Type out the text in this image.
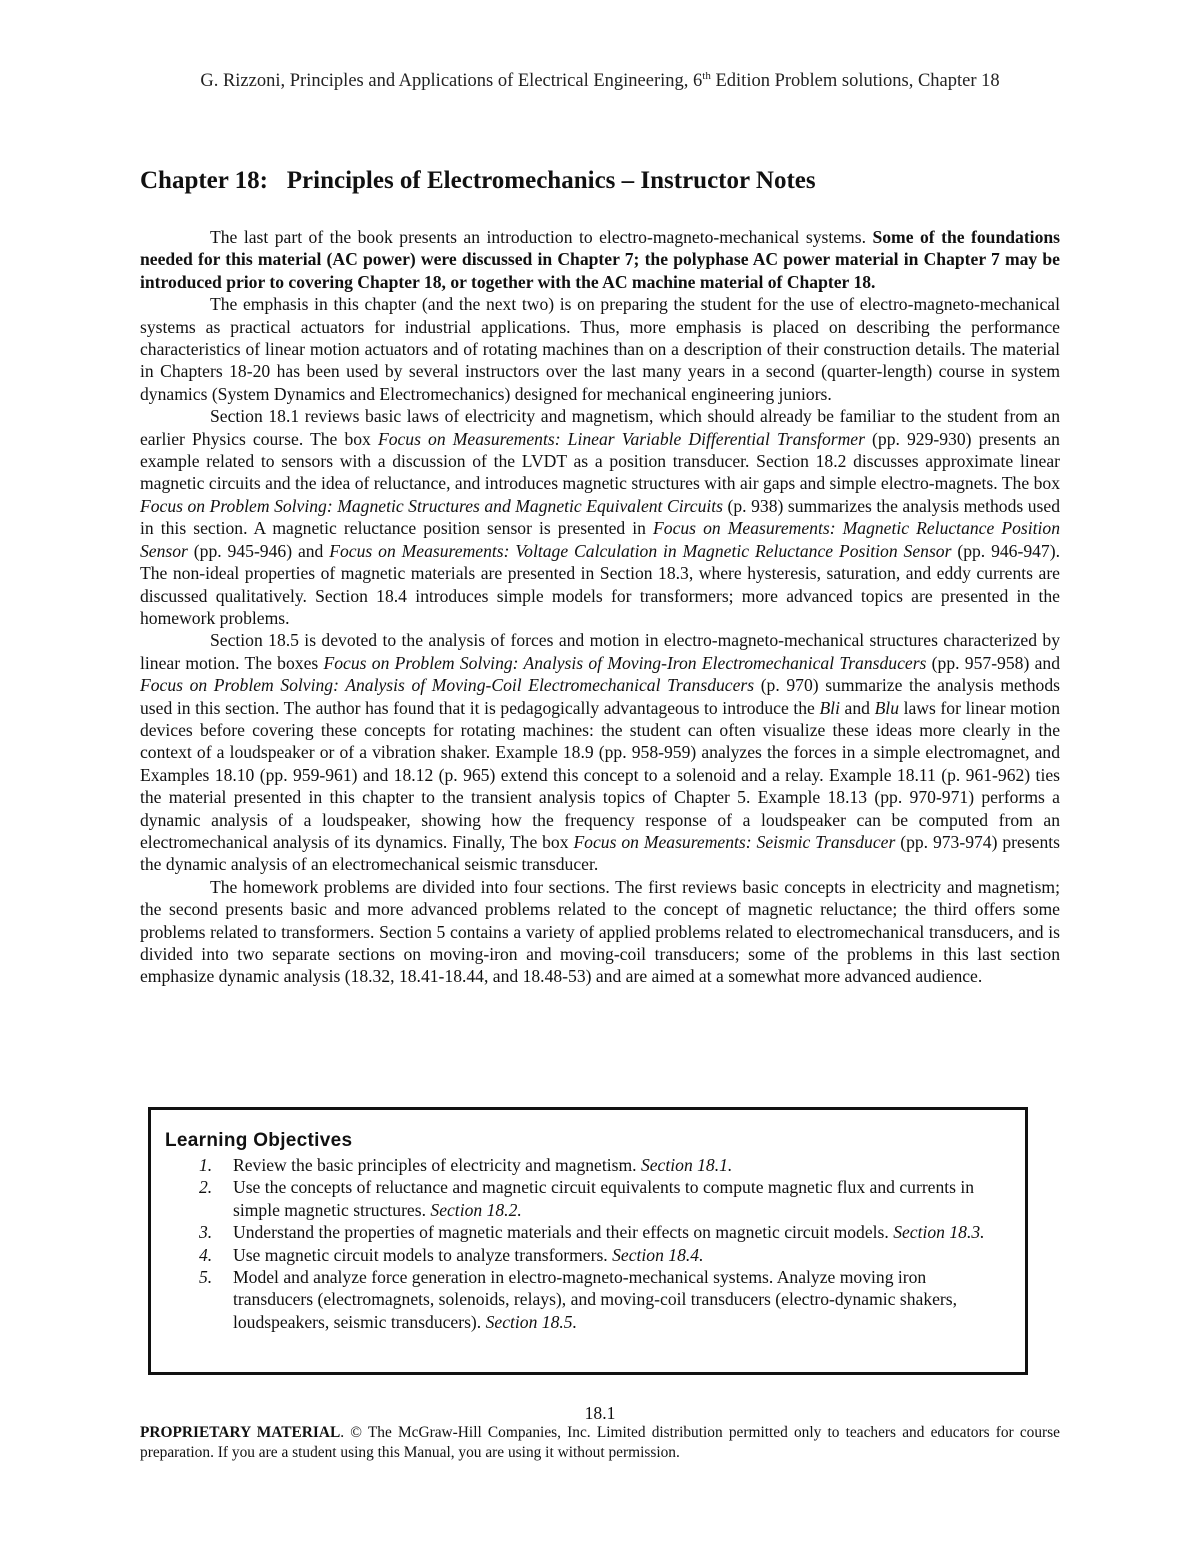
G. Rizzoni, Principles and Applications of Electrical Engineering, 6th Edition Problem solutions, Chapter 18
Chapter 18:   Principles of Electromechanics – Instructor Notes

The last part of the book presents an introduction to electro-magneto-mechanical systems. Some of the foundations needed for this material (AC power) were discussed in Chapter 7; the polyphase AC power material in Chapter 7 may be introduced prior to covering Chapter 18, or together with the AC machine material of Chapter 18.

The emphasis in this chapter (and the next two) is on preparing the student for the use of electro-magneto-mechanical systems as practical actuators for industrial applications. Thus, more emphasis is placed on describing the performance characteristics of linear motion actuators and of rotating machines than on a description of their construction details. The material in Chapters 18-20 has been used by several instructors over the last many years in a second (quarter-length) course in system dynamics (System Dynamics and Electromechanics) designed for mechanical engineering juniors.

Section 18.1 reviews basic laws of electricity and magnetism, which should already be familiar to the student from an earlier Physics course. The box Focus on Measurements: Linear Variable Differential Transformer (pp. 929-930) presents an example related to sensors with a discussion of the LVDT as a position transducer. Section 18.2 discusses approximate linear magnetic circuits and the idea of reluctance, and introduces magnetic structures with air gaps and simple electro-magnets. The box Focus on Problem Solving: Magnetic Structures and Magnetic Equivalent Circuits (p. 938) summarizes the analysis methods used in this section. A magnetic reluctance position sensor is presented in Focus on Measurements: Magnetic Reluctance Position Sensor (pp. 945-946) and Focus on Measurements: Voltage Calculation in Magnetic Reluctance Position Sensor (pp. 946-947). The non-ideal properties of magnetic materials are presented in Section 18.3, where hysteresis, saturation, and eddy currents are discussed qualitatively. Section 18.4 introduces simple models for transformers; more advanced topics are presented in the homework problems.

Section 18.5 is devoted to the analysis of forces and motion in electro-magneto-mechanical structures characterized by linear motion. The boxes Focus on Problem Solving: Analysis of Moving-Iron Electromechanical Transducers (pp. 957-958) and Focus on Problem Solving: Analysis of Moving-Coil Electromechanical Transducers (p. 970) summarize the analysis methods used in this section. The author has found that it is pedagogically advantageous to introduce the Bli and Blu laws for linear motion devices before covering these concepts for rotating machines: the student can often visualize these ideas more clearly in the context of a loudspeaker or of a vibration shaker. Example 18.9 (pp. 958-959) analyzes the forces in a simple electromagnet, and Examples 18.10 (pp. 959-961) and 18.12 (p. 965) extend this concept to a solenoid and a relay. Example 18.11 (p. 961-962) ties the material presented in this chapter to the transient analysis topics of Chapter 5. Example 18.13 (pp. 970-971) performs a dynamic analysis of a loudspeaker, showing how the frequency response of a loudspeaker can be computed from an electromechanical analysis of its dynamics. Finally, The box Focus on Measurements: Seismic Transducer (pp. 973-974) presents the dynamic analysis of an electromechanical seismic transducer.

The homework problems are divided into four sections. The first reviews basic concepts in electricity and magnetism; the second presents basic and more advanced problems related to the concept of magnetic reluctance; the third offers some problems related to transformers. Section 5 contains a variety of applied problems related to electromechanical transducers, and is divided into two separate sections on moving-iron and moving-coil transducers; some of the problems in this last section emphasize dynamic analysis (18.32, 18.41-18.44, and 18.48-53) and are aimed at a somewhat more advanced audience.

Learning Objectives
1. Review the basic principles of electricity and magnetism. Section 18.1.
2. Use the concepts of reluctance and magnetic circuit equivalents to compute magnetic flux and currents in simple magnetic structures. Section 18.2.
3. Understand the properties of magnetic materials and their effects on magnetic circuit models. Section 18.3.
4. Use magnetic circuit models to analyze transformers. Section 18.4.
5. Model and analyze force generation in electro-magneto-mechanical systems. Analyze moving iron transducers (electromagnets, solenoids, relays), and moving-coil transducers (electro-dynamic shakers, loudspeakers, seismic transducers). Section 18.5.
18.1
PROPRIETARY MATERIAL. © The McGraw-Hill Companies, Inc. Limited distribution permitted only to teachers and educators for course preparation. If you are a student using this Manual, you are using it without permission.
